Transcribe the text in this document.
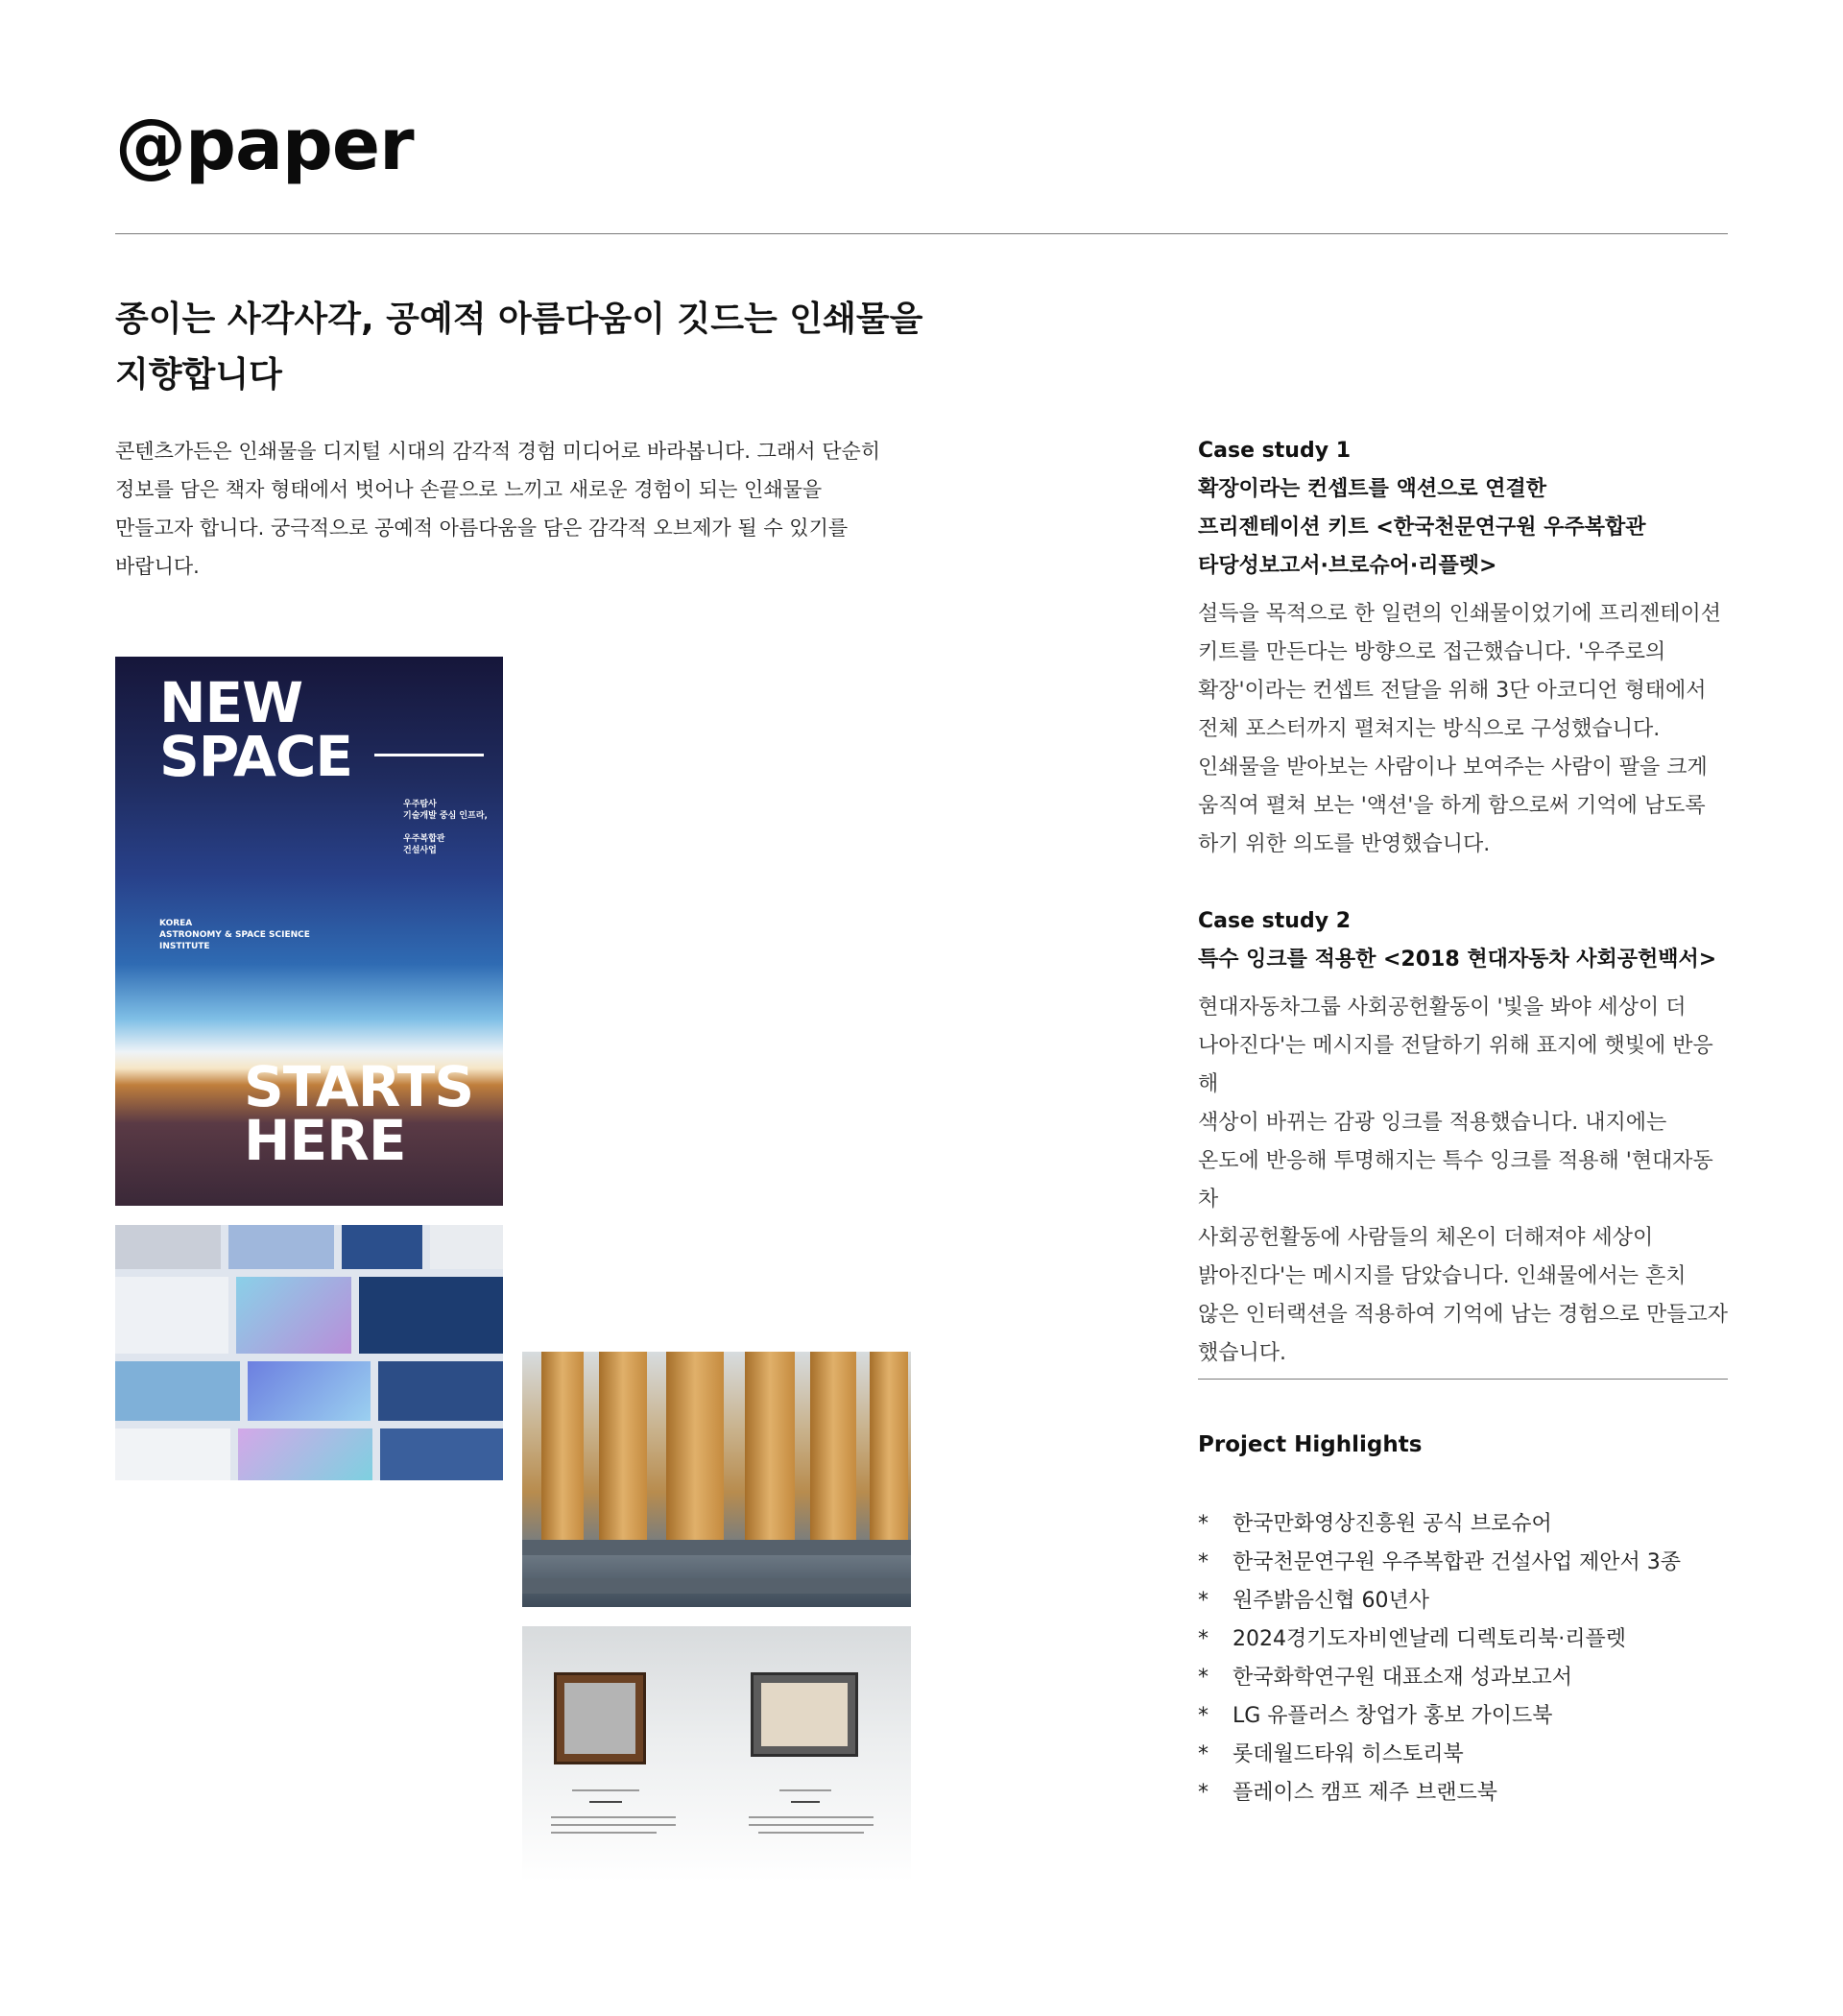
@paper
종이는 사각사각, 공예적 아름다움이 깃드는 인쇄물을
지향합니다
콘텐츠가든은 인쇄물을 디지털 시대의 감각적 경험 미디어로 바라봅니다. 그래서 단순히
정보를 담은 책자 형태에서 벗어나 손끝으로 느끼고 새로운 경험이 되는 인쇄물을
만들고자 합니다. 궁극적으로 공예적 아름다움을 담은 감각적 오브제가 될 수 있기를
바랍니다.
NEW
SPACE
우주탐사
기술개발 중심 인프라,
우주복합관
건설사업
KOREA
ASTRONOMY & SPACE SCIENCE
INSTITUTE
STARTS
HERE
Case study 1
확장이라는 컨셉트를 액션으로 연결한
프리젠테이션 키트 <한국천문연구원 우주복합관
타당성보고서·브로슈어·리플렛>
설득을 목적으로 한 일련의 인쇄물이었기에 프리젠테이션
키트를 만든다는 방향으로 접근했습니다. '우주로의
확장'이라는 컨셉트 전달을 위해 3단 아코디언 형태에서
전체 포스터까지 펼쳐지는 방식으로 구성했습니다.
인쇄물을 받아보는 사람이나 보여주는 사람이 팔을 크게
움직여 펼쳐 보는 '액션'을 하게 함으로써 기억에 남도록
하기 위한 의도를 반영했습니다.
Case study 2
특수 잉크를 적용한 <2018 현대자동차 사회공헌백서>
현대자동차그룹 사회공헌활동이 '빛을 봐야 세상이 더
나아진다'는 메시지를 전달하기 위해 표지에 햇빛에 반응해
색상이 바뀌는 감광 잉크를 적용했습니다. 내지에는
온도에 반응해 투명해지는 특수 잉크를 적용해 '현대자동차
사회공헌활동에 사람들의 체온이 더해져야 세상이
밝아진다'는 메시지를 담았습니다. 인쇄물에서는 흔치
않은 인터랙션을 적용하여 기억에 남는 경험으로 만들고자
했습니다.
Project Highlights
*	한국만화영상진흥원 공식 브로슈어
*	한국천문연구원 우주복합관 건설사업 제안서 3종
*	원주밝음신협 60년사
*	2024경기도자비엔날레 디렉토리북·리플렛
*	한국화학연구원 대표소재 성과보고서
*	LG 유플러스 창업가 홍보 가이드북
*	롯데월드타워 히스토리북
*	플레이스 캠프 제주 브랜드북
